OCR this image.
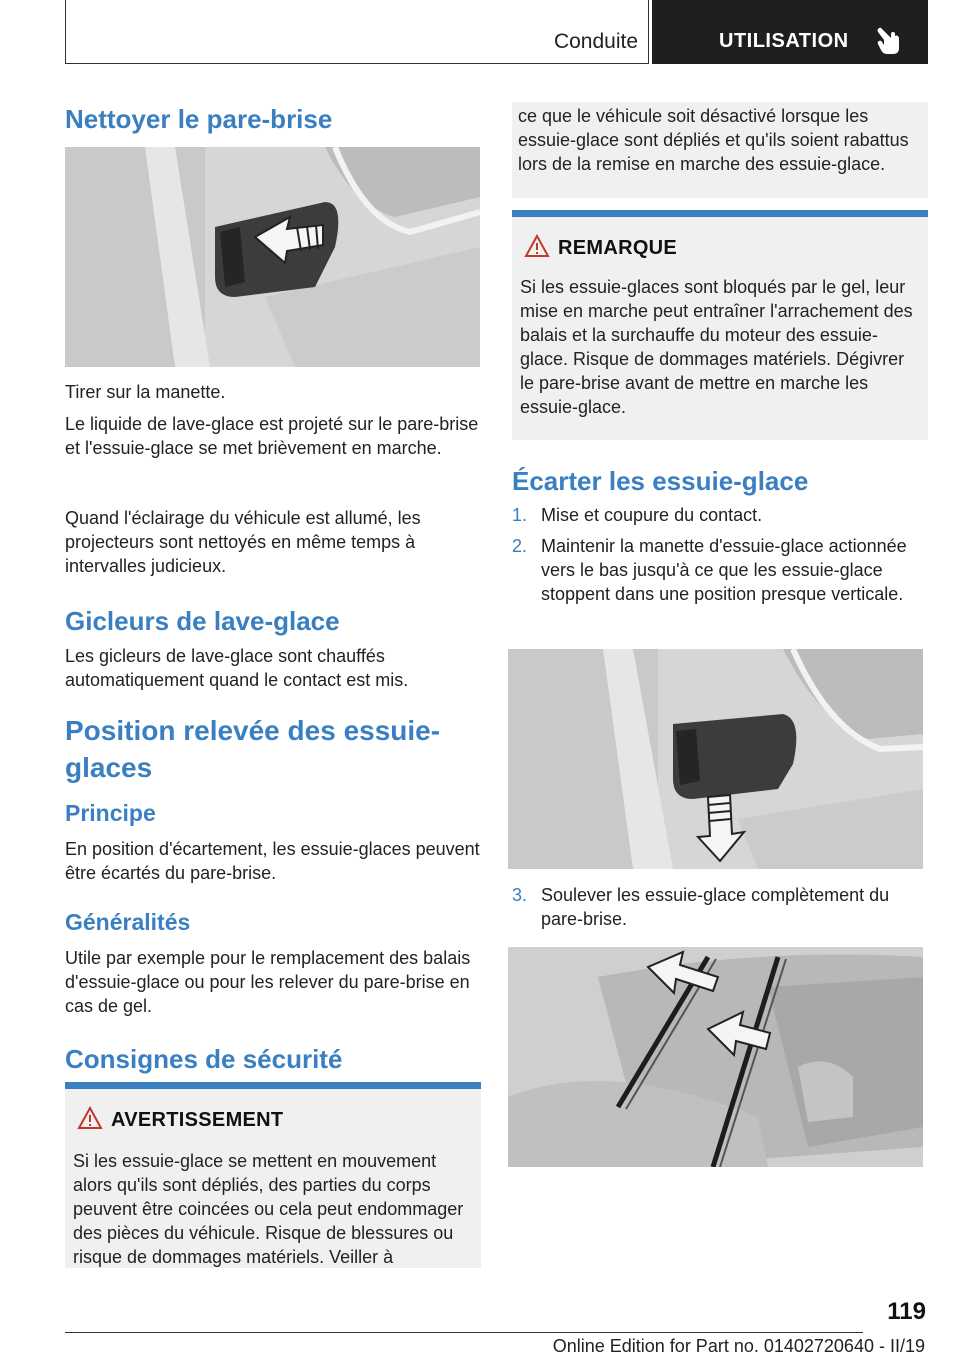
Conduite	UTILISATION
Nettoyer le pare-brise

Tirer sur la manette.

Le liquide de lave-glace est projeté sur le pare-brise et l'essuie-glace se met brièvement en marche.

Quand l'éclairage du véhicule est allumé, les projecteurs sont nettoyés en même temps à intervalles judicieux.

Gicleurs de lave-glace

Les gicleurs de lave-glace sont chauffés automatiquement quand le contact est mis.

Position relevée des essuie-glaces
Principe

En position d'écartement, les essuie-glaces peuvent être écartés du pare-brise.

Généralités

Utile par exemple pour le remplacement des balais d'essuie-glace ou pour les relever du pare-brise en cas de gel.

Consignes de sécurité
AVERTISSEMENT
Si les essuie-glace se mettent en mouvement alors qu'ils sont dépliés, des parties du corps peuvent être coincées ou cela peut endommager des pièces du véhicule. Risque de blessures ou risque de dommages matériels. Veiller à
ce que le véhicule soit désactivé lorsque les essuie-glace sont dépliés et qu'ils soient rabattus lors de la remise en marche des essuie-glace.
REMARQUE
Si les essuie-glaces sont bloqués par le gel, leur mise en marche peut entraîner l'arrachement des balais et la surchauffe du moteur des essuie-glace. Risque de dommages matériels. Dégivrer le pare-brise avant de mettre en marche les essuie-glace.
Écarter les essuie-glace
1. Mise et coupure du contact.
2. Maintenir la manette d'essuie-glace actionnée vers le bas jusqu'à ce que les essuie-glace stoppent dans une position presque verticale.
3. Soulever les essuie-glace complètement du pare-brise.
119
Online Edition for Part no. 01402720640 - II/19
